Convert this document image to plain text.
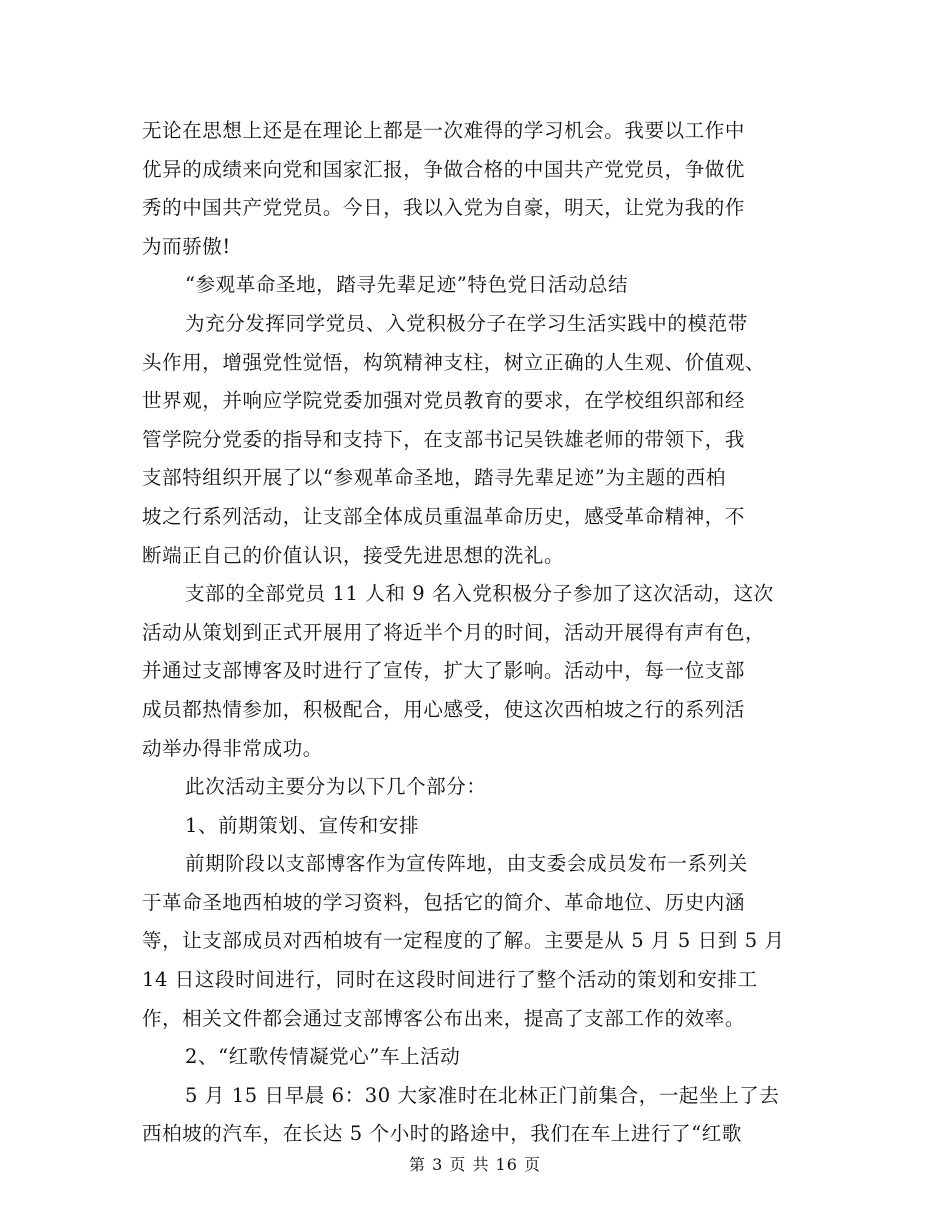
无论在思想上还是在理论上都是一次难得的学习机会。我要以工作中
优异的成绩来向党和国家汇报，争做合格的中国共产党党员，争做优
秀的中国共产党党员。今日，我以入党为自豪，明天，让党为我的作
为而骄傲!
“参观革命圣地，踏寻先辈足迹”特色党日活动总结
为充分发挥同学党员、入党积极分子在学习生活实践中的模范带
头作用，增强党性觉悟，构筑精神支柱，树立正确的人生观、价值观、
世界观，并响应学院党委加强对党员教育的要求，在学校组织部和经
管学院分党委的指导和支持下，在支部书记吴铁雄老师的带领下，我
支部特组织开展了以“参观革命圣地，踏寻先辈足迹”为主题的西柏
坡之行系列活动，让支部全体成员重温革命历史，感受革命精神，不
断端正自己的价值认识，接受先进思想的洗礼。
支部的全部党员 11 人和 9 名入党积极分子参加了这次活动，这次
活动从策划到正式开展用了将近半个月的时间，活动开展得有声有色，
并通过支部博客及时进行了宣传，扩大了影响。活动中，每一位支部
成员都热情参加，积极配合，用心感受，使这次西柏坡之行的系列活
动举办得非常成功。
此次活动主要分为以下几个部分：
1、前期策划、宣传和安排
前期阶段以支部博客作为宣传阵地，由支委会成员发布一系列关
于革命圣地西柏坡的学习资料，包括它的简介、革命地位、历史内涵
等，让支部成员对西柏坡有一定程度的了解。主要是从 5 月 5 日到 5 月
14 日这段时间进行，同时在这段时间进行了整个活动的策划和安排工
作，相关文件都会通过支部博客公布出来，提高了支部工作的效率。
2、“红歌传情凝党心”车上活动
5 月 15 日早晨 6：30 大家准时在北林正门前集合，一起坐上了去
西柏坡的汽车，在长达 5 个小时的路途中，我们在车上进行了“红歌
第 3 页 共 16 页
